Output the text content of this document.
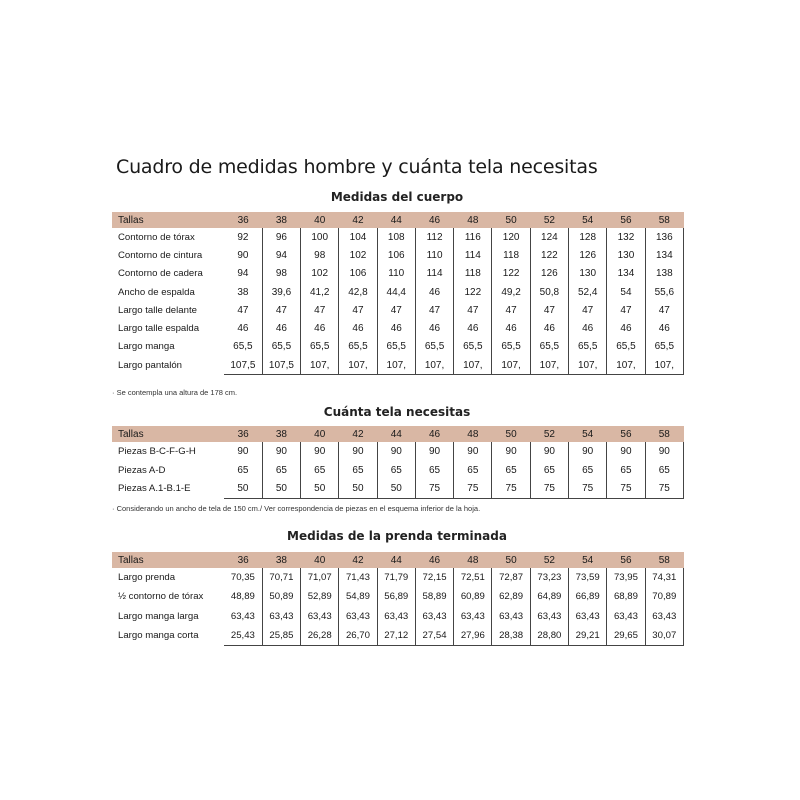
Cuadro de medidas hombre y cuánta tela necesitas
Medidas del cuerpo
Tallas	36	38	40	42	44	46	48	50	52	54	56	58
Contorno de tórax	92	96	100	104	108	112	116	120	124	128	132	136
Contorno de cintura	90	94	98	102	106	110	114	118	122	126	130	134
Contorno de cadera	94	98	102	106	110	114	118	122	126	130	134	138
Ancho de espalda	38	39,6	41,2	42,8	44,4	46	122	49,2	50,8	52,4	54	55,6
Largo talle delante	47	47	47	47	47	47	47	47	47	47	47	47
Largo talle espalda	46	46	46	46	46	46	46	46	46	46	46	46
Largo manga	65,5	65,5	65,5	65,5	65,5	65,5	65,5	65,5	65,5	65,5	65,5	65,5
Largo pantalón	107,5	107,5	107,	107,	107,	107,	107,	107,	107,	107,	107,	107,

· Se contempla una altura de 178 cm.

Cuánta tela necesitas
Tallas	36	38	40	42	44	46	48	50	52	54	56	58
Piezas B-C-F-G-H	90	90	90	90	90	90	90	90	90	90	90	90
Piezas A-D	65	65	65	65	65	65	65	65	65	65	65	65
Piezas A.1-B.1-E	50	50	50	50	50	75	75	75	75	75	75	75

· Considerando un ancho de tela de 150 cm./ Ver correspondencia de piezas en el esquema inferior de la hoja.

Medidas de la prenda terminada
Tallas	36	38	40	42	44	46	48	50	52	54	56	58
Largo prenda	70,35	70,71	71,07	71,43	71,79	72,15	72,51	72,87	73,23	73,59	73,95	74,31
½ contorno de tórax	48,89	50,89	52,89	54,89	56,89	58,89	60,89	62,89	64,89	66,89	68,89	70,89
Largo manga larga	63,43	63,43	63,43	63,43	63,43	63,43	63,43	63,43	63,43	63,43	63,43	63,43
Largo manga corta	25,43	25,85	26,28	26,70	27,12	27,54	27,96	28,38	28,80	29,21	29,65	30,07
